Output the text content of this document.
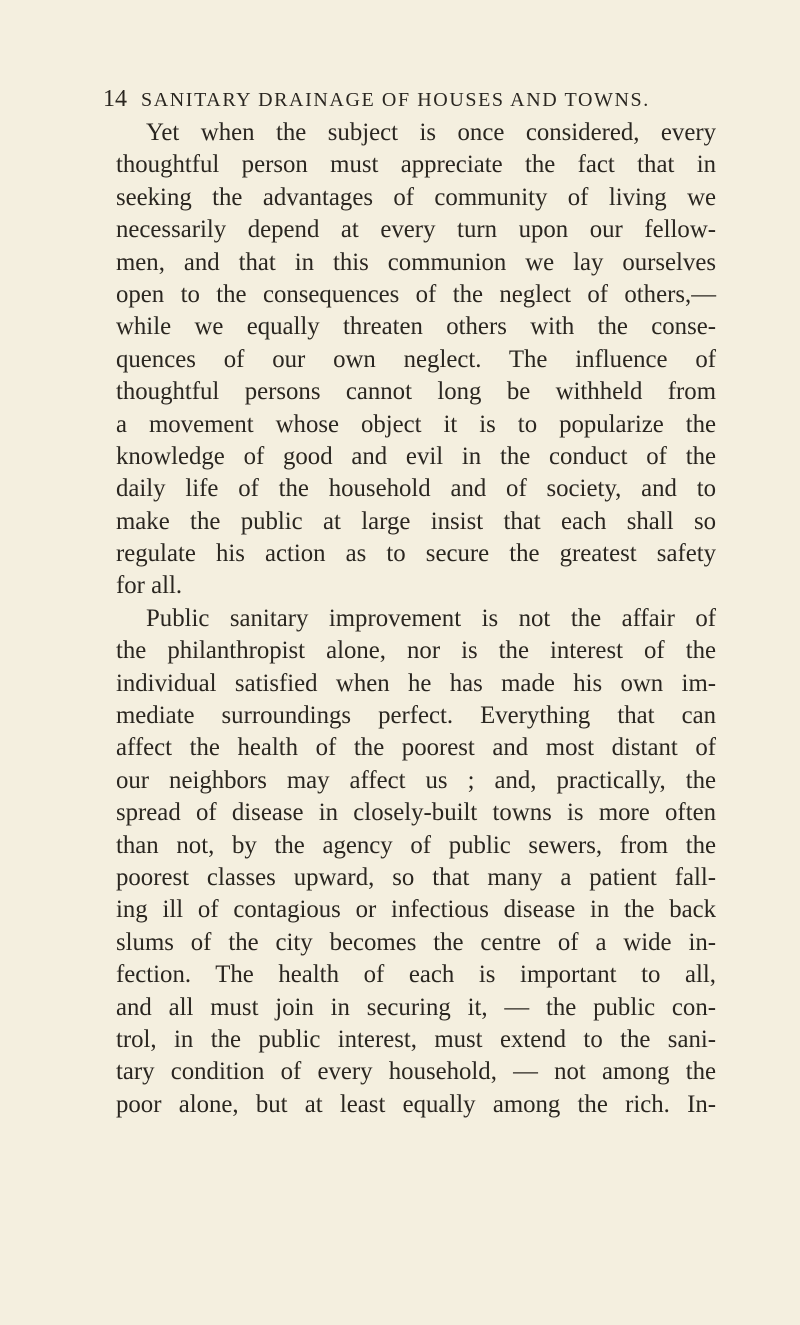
14 SANITARY DRAINAGE OF HOUSES AND TOWNS.
Yet when the subject is once considered, every
thoughtful person must appreciate the fact that in
seeking the advantages of community of living we
necessarily depend at every turn upon our fellow-
men, and that in this communion we lay ourselves
open to the consequences of the neglect of others,—
while we equally threaten others with the conse-
quences of our own neglect. The influence of
thoughtful persons cannot long be withheld from
a movement whose object it is to popularize the
knowledge of good and evil in the conduct of the
daily life of the household and of society, and to
make the public at large insist that each shall so
regulate his action as to secure the greatest safety
for all.
Public sanitary improvement is not the affair of
the philanthropist alone, nor is the interest of the
individual satisfied when he has made his own im-
mediate surroundings perfect. Everything that can
affect the health of the poorest and most distant of
our neighbors may affect us ; and, practically, the
spread of disease in closely-built towns is more often
than not, by the agency of public sewers, from the
poorest classes upward, so that many a patient fall-
ing ill of contagious or infectious disease in the back
slums of the city becomes the centre of a wide in-
fection. The health of each is important to all,
and all must join in securing it, — the public con-
trol, in the public interest, must extend to the sani-
tary condition of every household, — not among the
poor alone, but at least equally among the rich. In-
